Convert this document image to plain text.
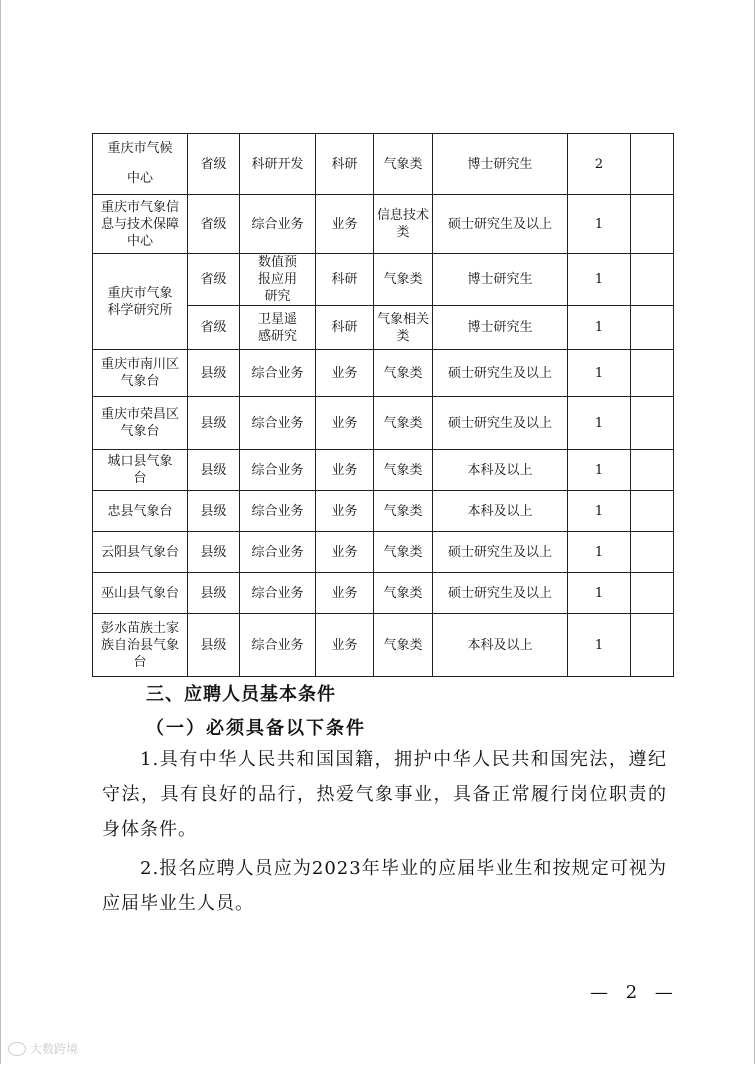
重庆市气候中心	省级	科研开发	科研	气象类	博士研究生	2	
重庆市气象信息与技术保障中心	省级	综合业务	业务	信息技术类	硕士研究生及以上	1	
重庆市气象科学研究所	省级	数值预报应用研究	科研	气象类	博士研究生	1	
	省级	卫星遥感研究	科研	气象相关类	博士研究生	1	
重庆市南川区气象台	县级	综合业务	业务	气象类	硕士研究生及以上	1	
重庆市荣昌区气象台	县级	综合业务	业务	气象类	硕士研究生及以上	1	
城口县气象台	县级	综合业务	业务	气象类	本科及以上	1	
忠县气象台	县级	综合业务	业务	气象类	本科及以上	1	
云阳县气象台	县级	综合业务	业务	气象类	硕士研究生及以上	1	
巫山县气象台	县级	综合业务	业务	气象类	硕士研究生及以上	1	
彭水苗族土家族自治县气象台	县级	综合业务	业务	气象类	本科及以上	1	
三、应聘人员基本条件
（一）必须具备以下条件
1.具有中华人民共和国国籍，拥护中华人民共和国宪法，遵纪守法，具有良好的品行，热爱气象事业，具备正常履行岗位职责的身体条件。
2.报名应聘人员应为2023年毕业的应届毕业生和按规定可视为应届毕业生人员。
— 2 —
大数跨境
